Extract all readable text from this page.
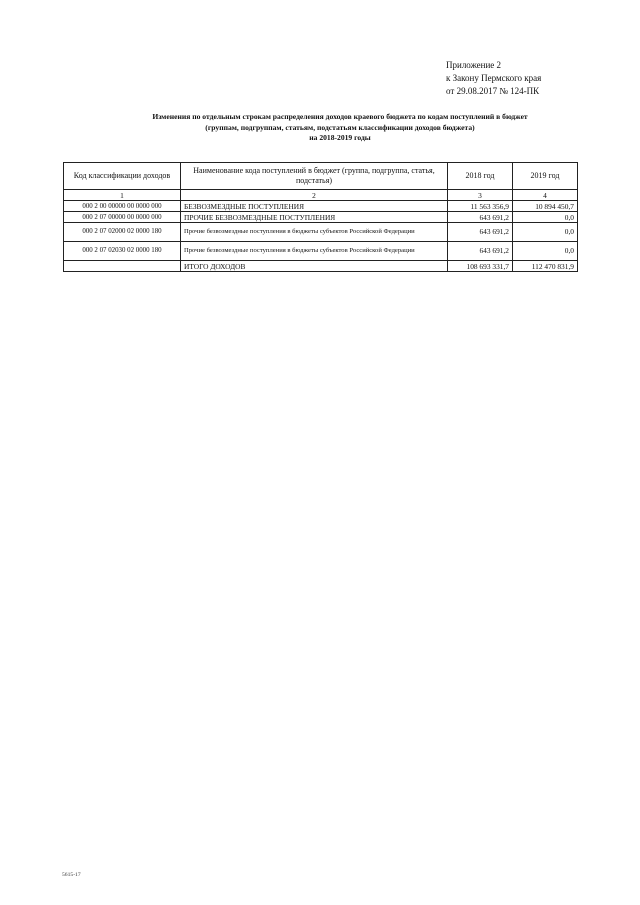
Приложение 2
к Закону Пермского края
от 29.08.2017 № 124-ПК
Изменения по отдельным строкам распределения доходов краевого бюджета по кодам поступлений в бюджет
(группам, подгруппам, статьям, подстатьям классификации доходов бюджета)
на 2018-2019 годы
Код классификации доходов	Наименование кода поступлений в бюджет (группа, подгруппа, статья, подстатья)	2018 год	2019 год
1	2	3	4
000 2 00 00000 00 0000 000	БЕЗВОЗМЕЗДНЫЕ ПОСТУПЛЕНИЯ	11 563 356,9	10 894 450,7
000 2 07 00000 00 0000 000	ПРОЧИЕ БЕЗВОЗМЕЗДНЫЕ ПОСТУПЛЕНИЯ	643 691,2	0,0
000 2 07 02000 02 0000 180	Прочие безвозмездные поступления в бюджеты субъектов Российской Федерации	643 691,2	0,0
000 2 07 02030 02 0000 180	Прочие безвозмездные поступления в бюджеты субъектов Российской Федерации	643 691,2	0,0
	ИТОГО ДОХОДОВ	108 693 331,7	112 470 831,9
5615-17
